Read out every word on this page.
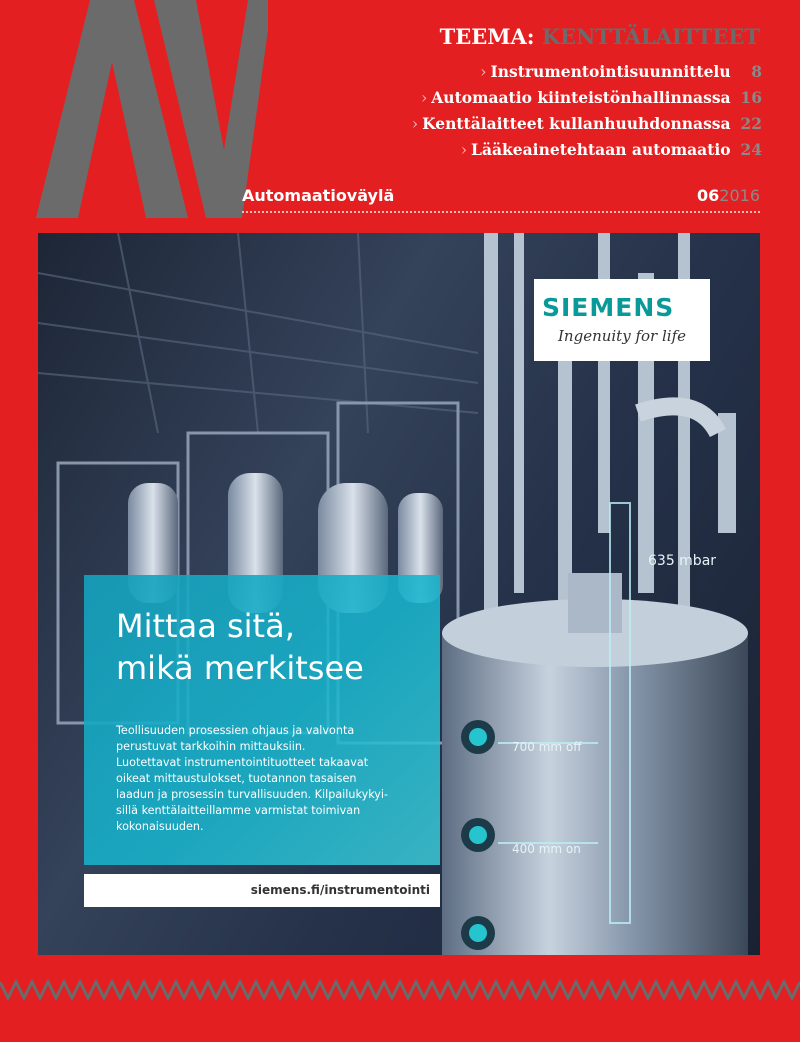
TEEMA: KENTTÄLAITTEET
› Instrumentointisuunnittelu 8
› Automaatio kiinteistönhallinnassa 16
› Kenttälaitteet kullanhuuhdonnassa 22
› Lääkeainetehtaan automaatio 24
Automaatioväylä	062016
635 mbar
700 mm off
400 mm on
SIEMENS
Ingenuity for life
Mittaa sitä,
mikä merkitsee
Teollisuuden prosessien ohjaus ja valvonta
perustuvat tarkkoihin mittauksiin.
Luotettavat instrumentointituotteet takaavat
oikeat mittaustulokset, tuotannon tasaisen
laadun ja prosessin turvallisuuden. Kilpailukykyi-
sillä kenttälaitteillamme varmistat toimivan
kokonaisuuden.
siemens.fi/instrumentointi
